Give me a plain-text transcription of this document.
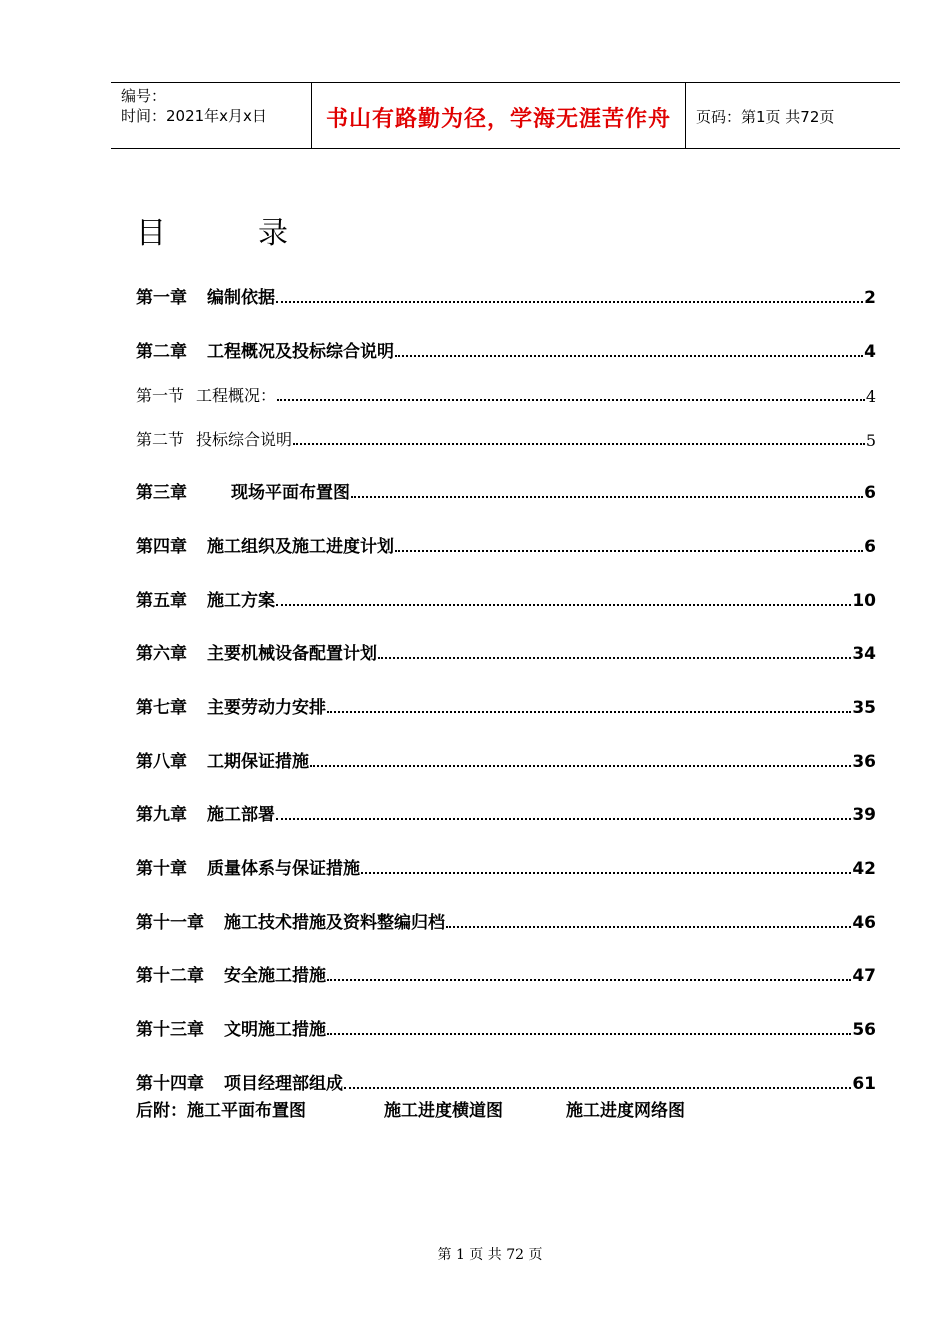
编号：
时间：2021年x月x日	书山有路勤为径，学海无涯苦作舟	页码：第1页 共72页
目	录
第一章 编制依据	2
第二章 工程概况及投标综合说明	4
第一节 工程概况：	4
第二节 投标综合说明	5
第三章	现场平面布置图	6
第四章 施工组织及施工进度计划	6
第五章 施工方案	10
第六章 主要机械设备配置计划	34
第七章 主要劳动力安排	35
第八章 工期保证措施	36
第九章 施工部署	39
第十章 质量体系与保证措施	42
第十一章 施工技术措施及资料整编归档	46
第十二章 安全施工措施	47
第十三章 文明施工措施	56
第十四章 项目经理部组成	61
后附：施工平面布置图	施工进度横道图	施工进度网络图
第 1 页 共 72 页
